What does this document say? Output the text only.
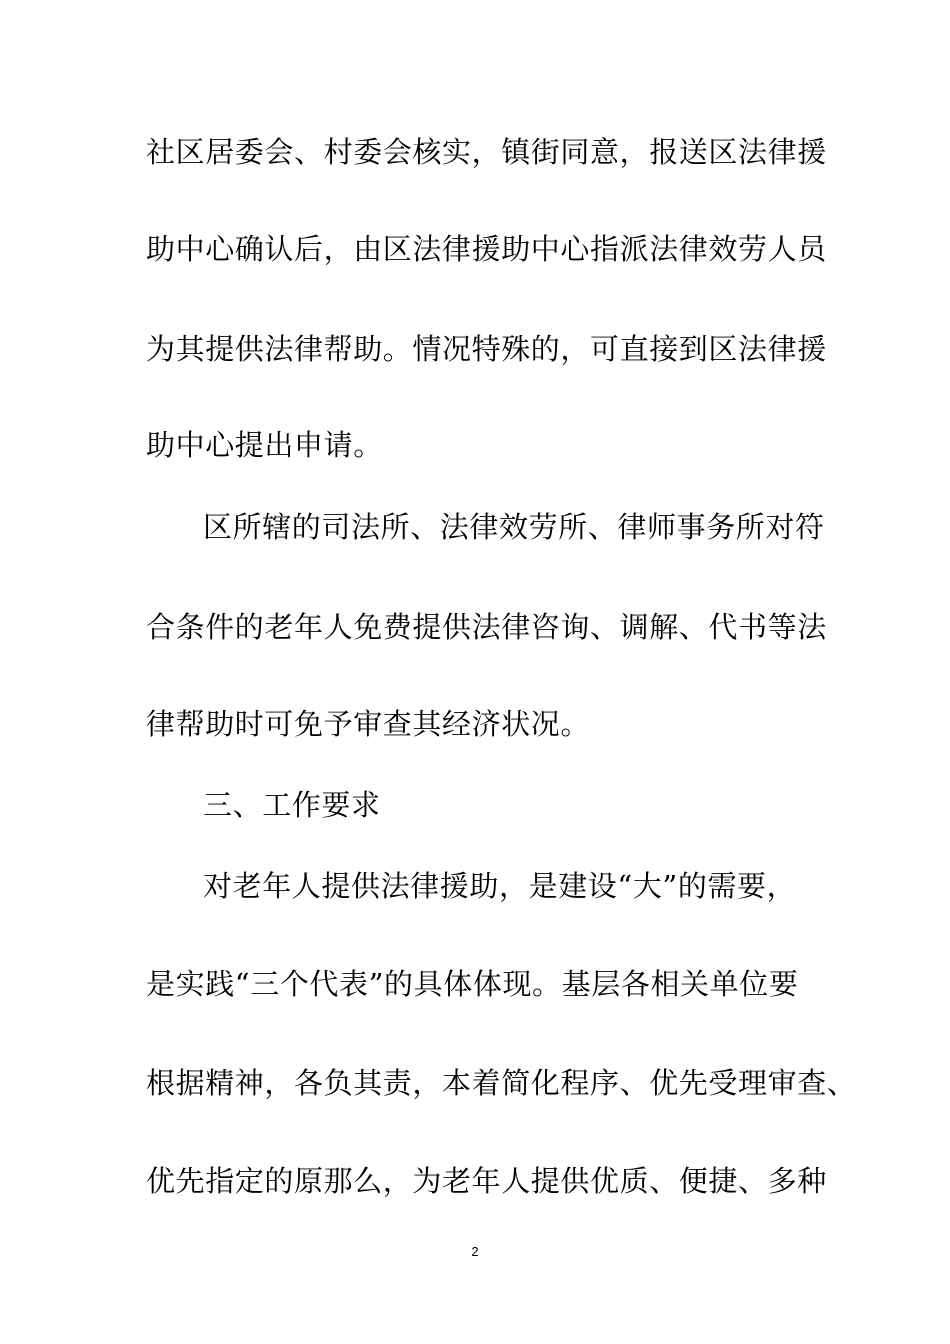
社区居委会、村委会核实，镇街同意，报送区法律援
助中心确认后，由区法律援助中心指派法律效劳人员
为其提供法律帮助。情况特殊的，可直接到区法律援
助中心提出申请。
区所辖的司法所、法律效劳所、律师事务所对符
合条件的老年人免费提供法律咨询、调解、代书等法
律帮助时可免予审查其经济状况。
三、工作要求
对老年人提供法律援助，是建设“大”的需要，
是实践“三个代表”的具体体现。基层各相关单位要
根据精神，各负其责，本着简化程序、优先受理审查、
优先指定的原那么，为老年人提供优质、便捷、多种
2
